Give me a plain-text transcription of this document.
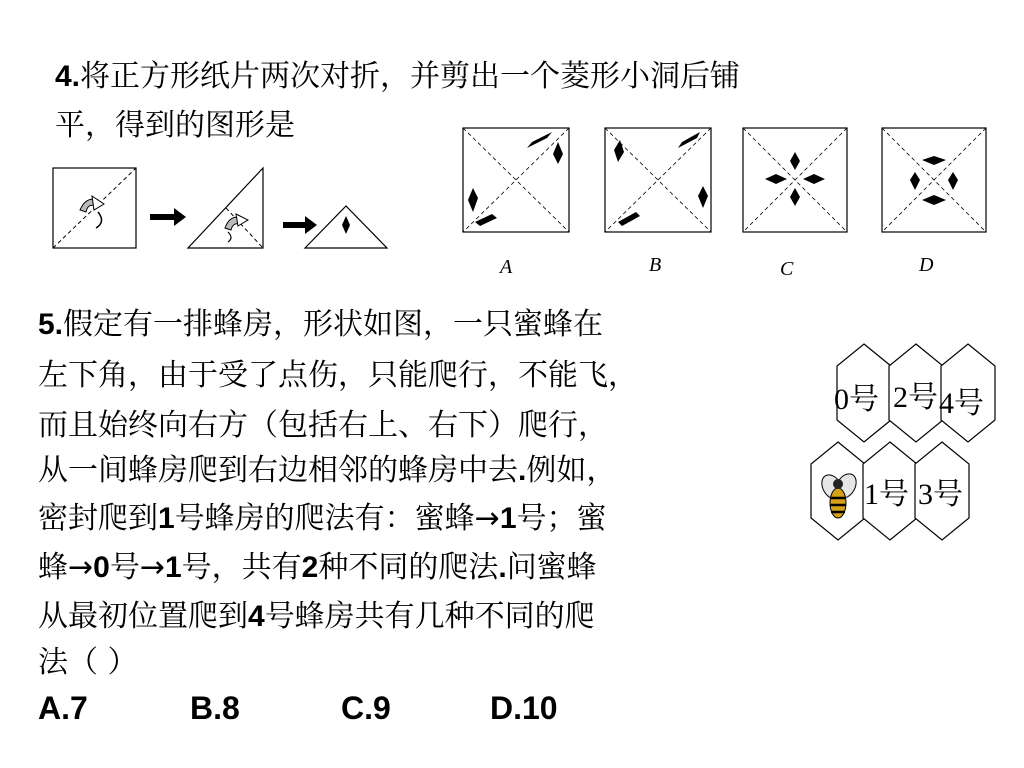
4.将正方形纸片两次对折，并剪出一个菱形小洞后铺
平，得到的图形是
A	B	C	D
5.假定有一排蜂房，形状如图，一只蜜蜂在
左下角，由于受了点伤，只能爬行，不能飞，
而且始终向右方（包括右上、右下）爬行，
从一间蜂房爬到右边相邻的蜂房中去.例如，
密封爬到1号蜂房的爬法有：蜜蜂→1号；蜜
蜂→0号→1号，共有2种不同的爬法.问蜜蜂
从最初位置爬到4号蜂房共有几种不同的爬
法（ ）
A.7	B.8	C.9	D.10
0号 2号 4号
1号 3号
